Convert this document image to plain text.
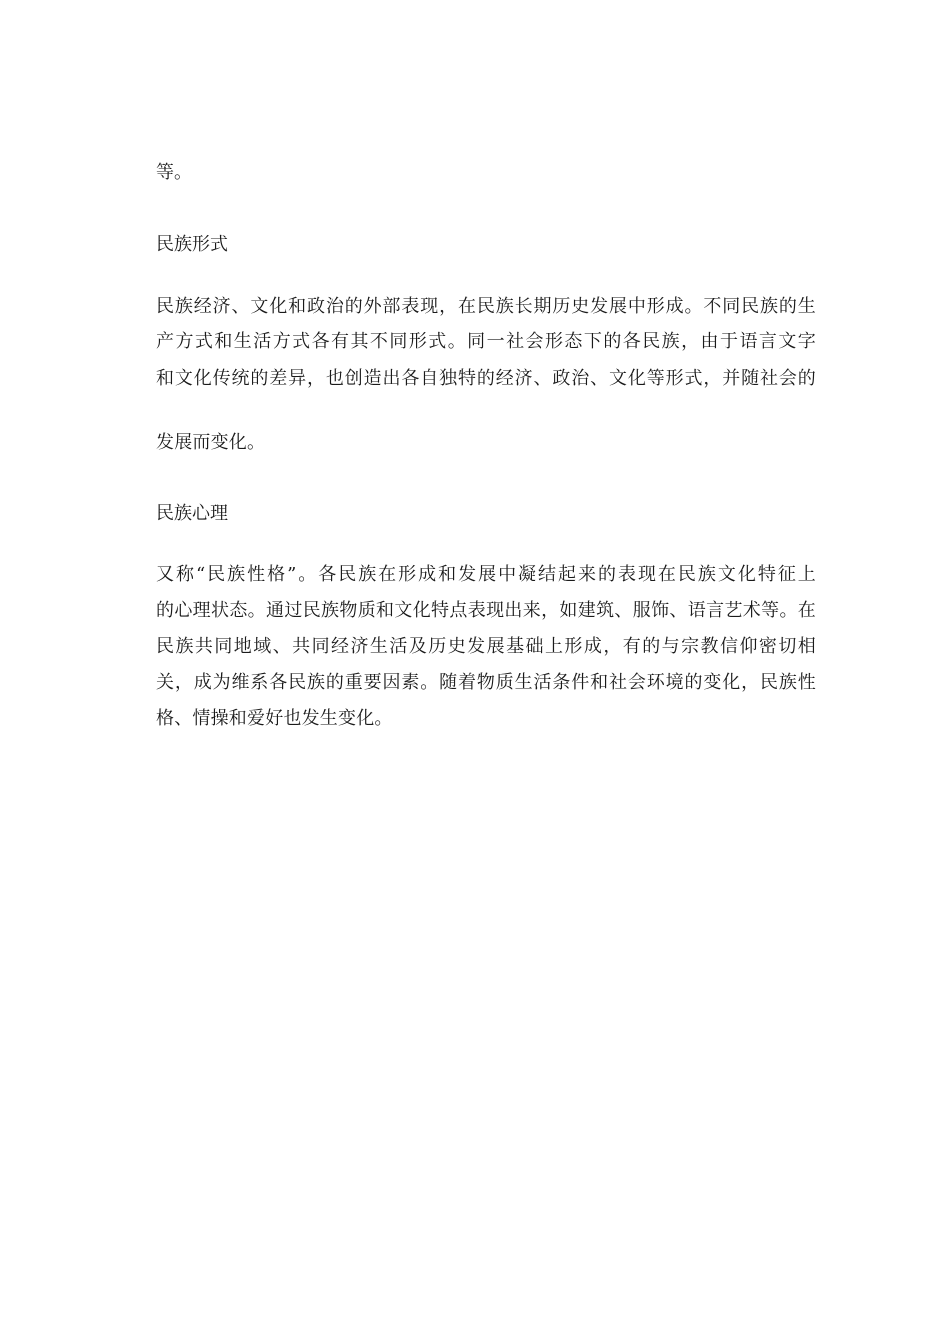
等。
民族形式
民族经济、文化和政治的外部表现，在民族长期历史发展中形成。不同民族的生
产方式和生活方式各有其不同形式。同一社会形态下的各民族，由于语言文字
和文化传统的差异，也创造出各自独特的经济、政治、文化等形式，并随社会的
发展而变化。
民族心理
又称“民族性格”。各民族在形成和发展中凝结起来的表现在民族文化特征上
的心理状态。通过民族物质和文化特点表现出来，如建筑、服饰、语言艺术等。在
民族共同地域、共同经济生活及历史发展基础上形成，有的与宗教信仰密切相
关，成为维系各民族的重要因素。随着物质生活条件和社会环境的变化，民族性
格、情操和爱好也发生变化。
